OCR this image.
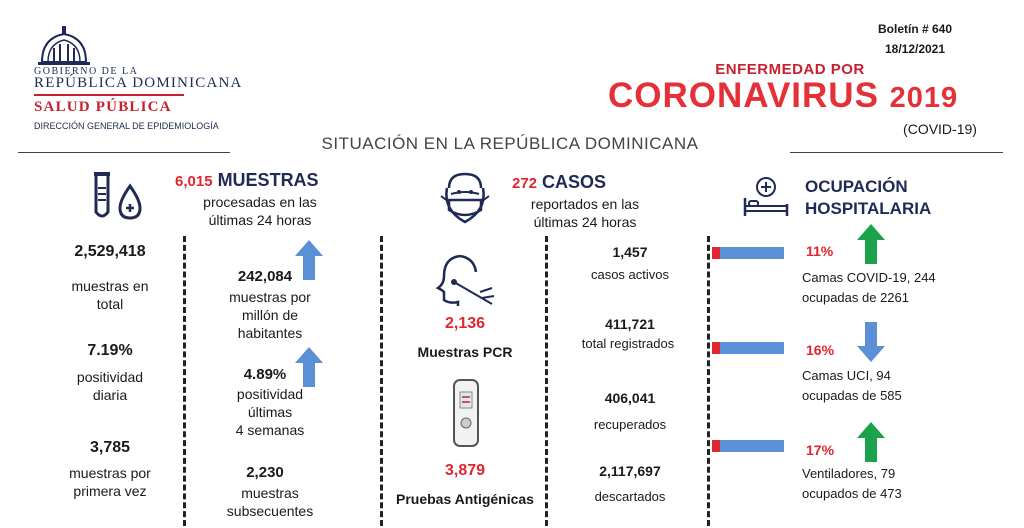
GOBIERNO DE LA
REPÚBLICA DOMINICANA
SALUD PÚBLICA
DIRECCIÓN GENERAL DE EPIDEMIOLOGÍA
Boletín # 640
18/12/2021
ENFERMEDAD POR
CORONAVIRUS 2019
(COVID-19)
SITUACIÓN EN LA REPÚBLICA DOMINICANA
6,015 MUESTRAS
procesadas en las
últimas 24 horas
2,529,418
muestras en
total
7.19%
positividad
diaria
3,785
muestras por
primera vez
242,084
muestras por
millón de
habitantes
4.89%
positividad
últimas
4 semanas
2,230
muestras
subsecuentes
2,136
Muestras PCR
3,879
Pruebas Antigénicas
272 CASOS
reportados en las
últimas 24 horas
1,457
casos activos
411,721
total registrados
406,041
recuperados
2,117,697
descartados
OCUPACIÓN
HOSPITALARIA
11%
Camas COVID-19, 244
ocupadas de 2261
16%
Camas UCI, 94
ocupadas de 585
17%
Ventiladores, 79
ocupados de 473
